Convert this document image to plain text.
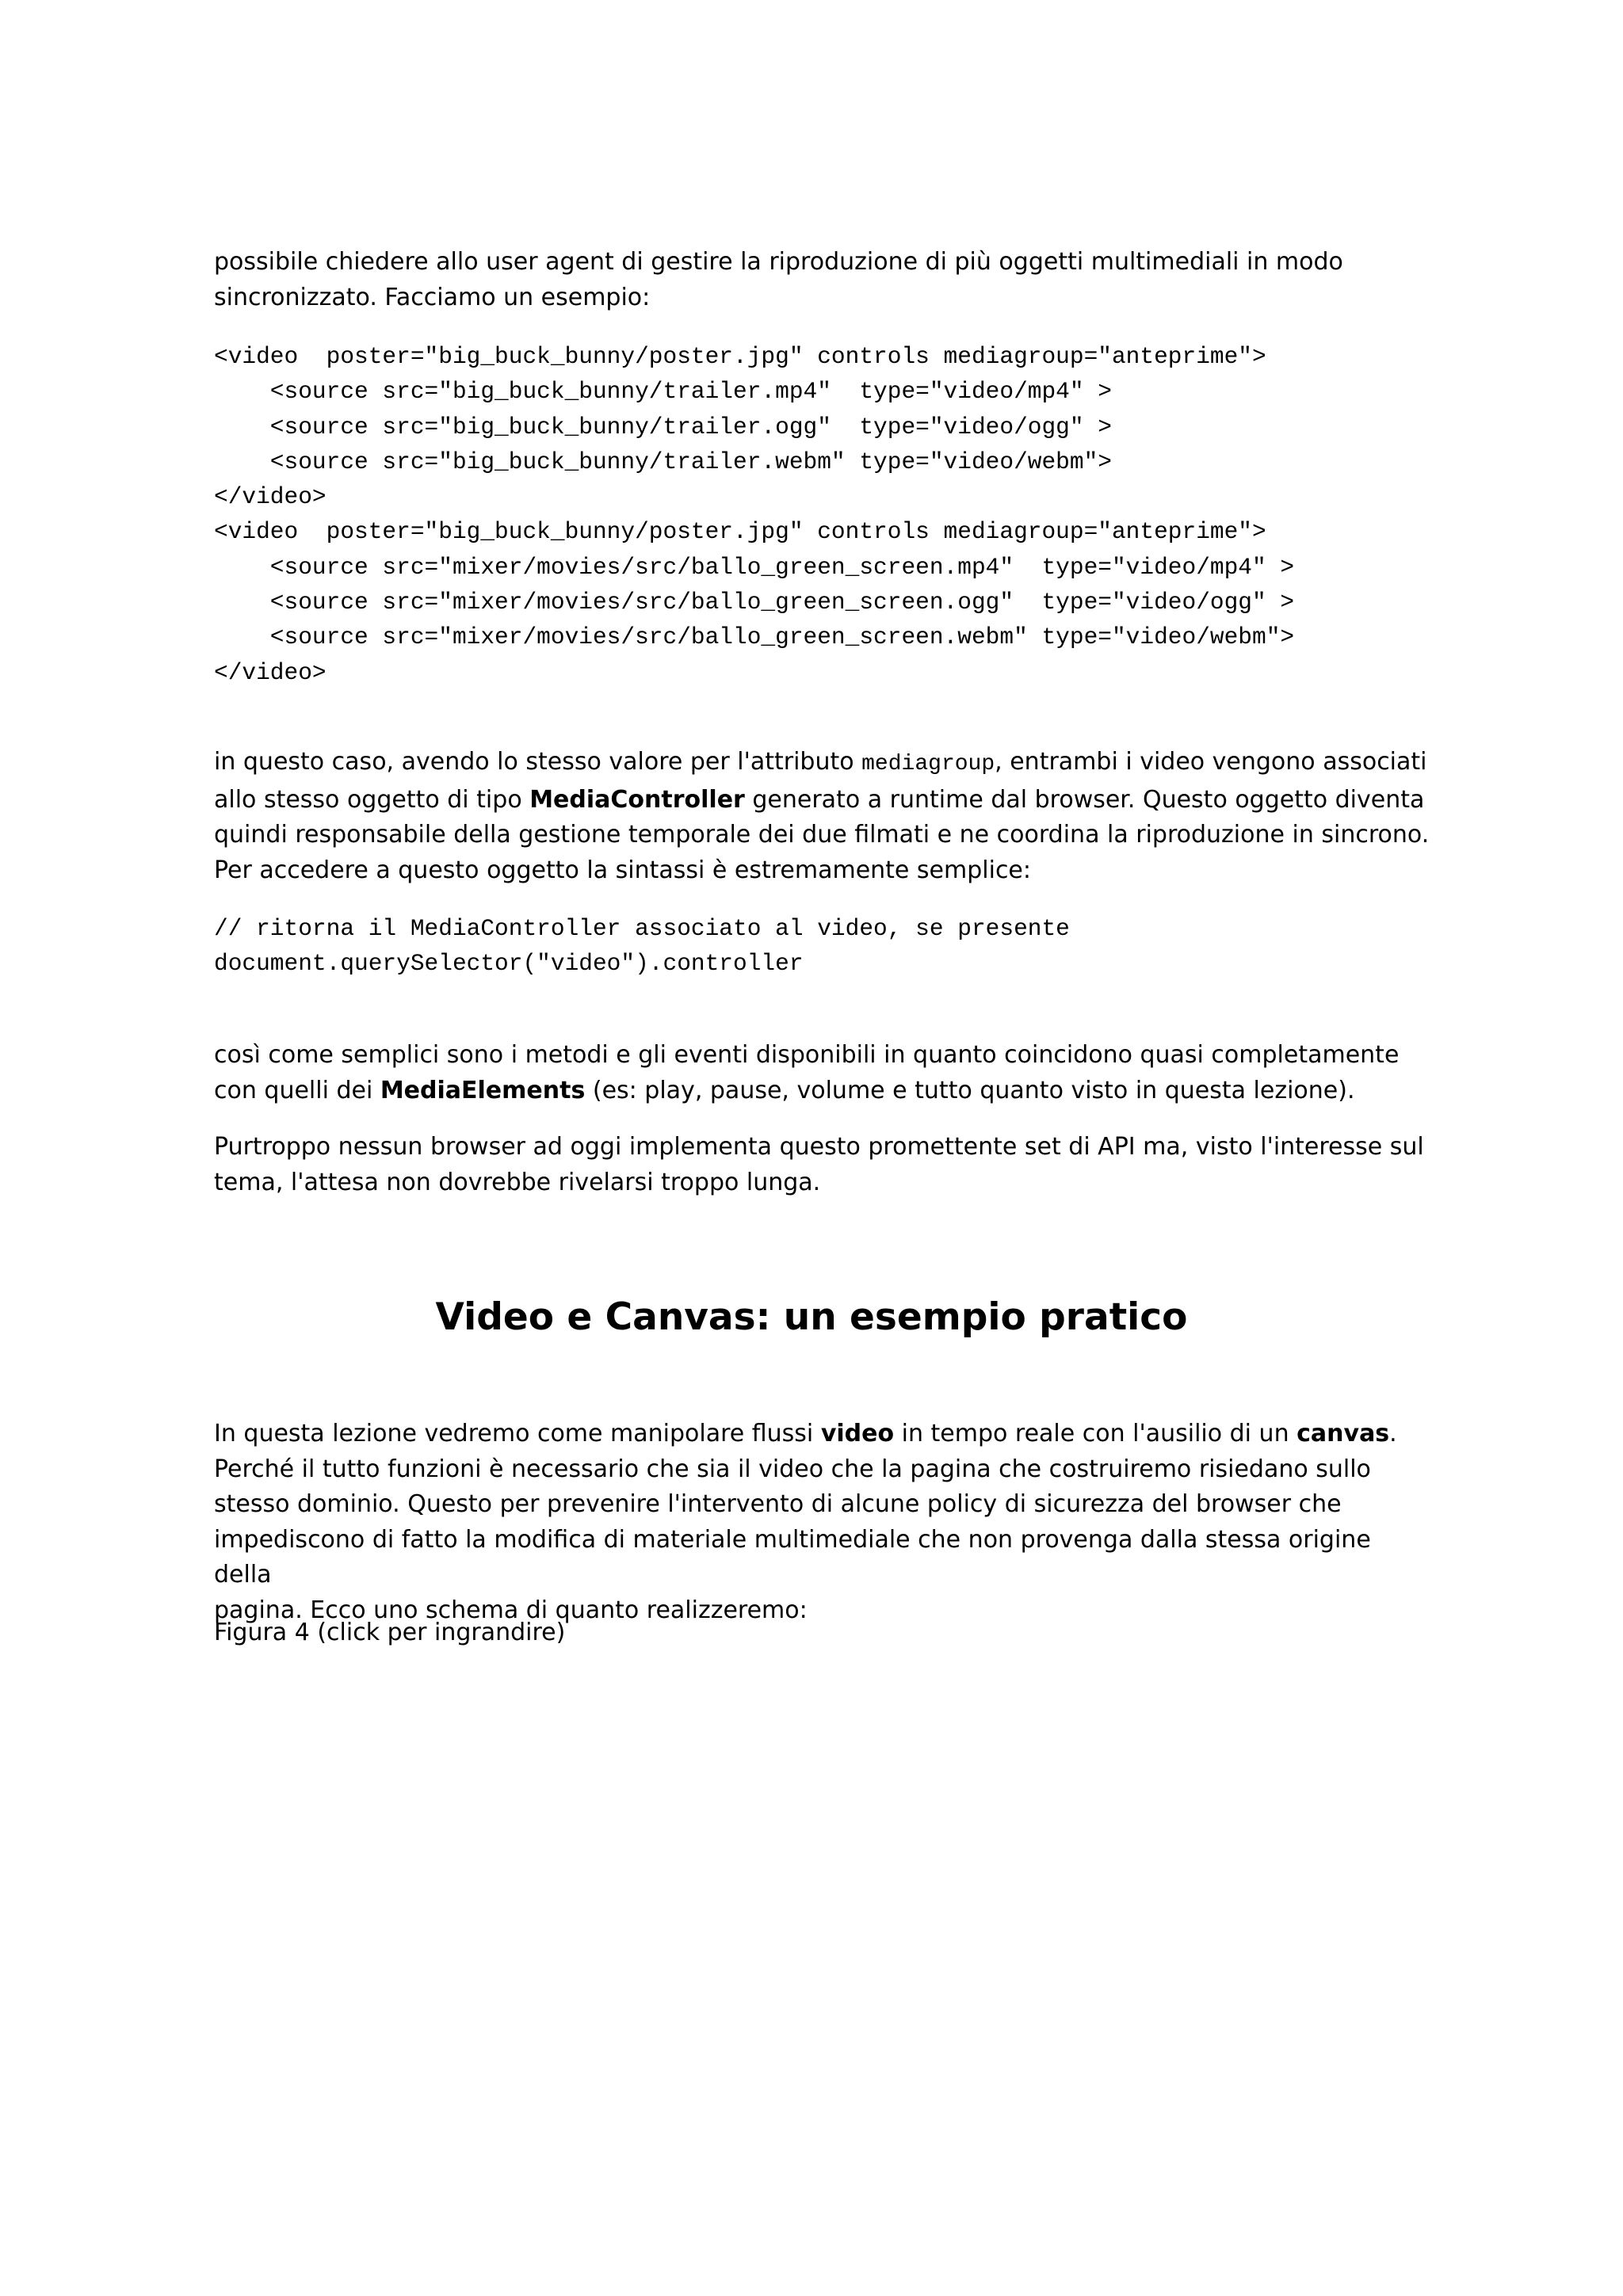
possibile chiedere allo user agent di gestire la riproduzione di più oggetti multimediali in modo
sincronizzato. Facciamo un esempio:

<video  poster="big_buck_bunny/poster.jpg" controls mediagroup="anteprime">
<source src="big_buck_bunny/trailer.mp4"  type="video/mp4" >
<source src="big_buck_bunny/trailer.ogg"  type="video/ogg" >
<source src="big_buck_bunny/trailer.webm" type="video/webm">
</video>
<video  poster="big_buck_bunny/poster.jpg" controls mediagroup="anteprime">
<source src="mixer/movies/src/ballo_green_screen.mp4"  type="video/mp4" >
<source src="mixer/movies/src/ballo_green_screen.ogg"  type="video/ogg" >
<source src="mixer/movies/src/ballo_green_screen.webm" type="video/webm">
</video>

in questo caso, avendo lo stesso valore per l'attributo mediagroup, entrambi i video vengono associati
allo stesso oggetto di tipo MediaController generato a runtime dal browser. Questo oggetto diventa
quindi responsabile della gestione temporale dei due filmati e ne coordina la riproduzione in sincrono.
Per accedere a questo oggetto la sintassi è estremamente semplice:

// ritorna il MediaController associato al video, se presente
document.querySelector("video").controller

così come semplici sono i metodi e gli eventi disponibili in quanto coincidono quasi completamente
con quelli dei MediaElements (es: play, pause, volume e tutto quanto visto in questa lezione).

Purtroppo nessun browser ad oggi implementa questo promettente set di API ma, visto l'interesse sul
tema, l'attesa non dovrebbe rivelarsi troppo lunga.

Video e Canvas: un esempio pratico

In questa lezione vedremo come manipolare flussi video in tempo reale con l'ausilio di un canvas.
Perché il tutto funzioni è necessario che sia il video che la pagina che costruiremo risiedano sullo
stesso dominio. Questo per prevenire l'intervento di alcune policy di sicurezza del browser che
impediscono di fatto la modifica di materiale multimediale che non provenga dalla stessa origine della
pagina. Ecco uno schema di quanto realizzeremo:

Figura 4 (click per ingrandire)
